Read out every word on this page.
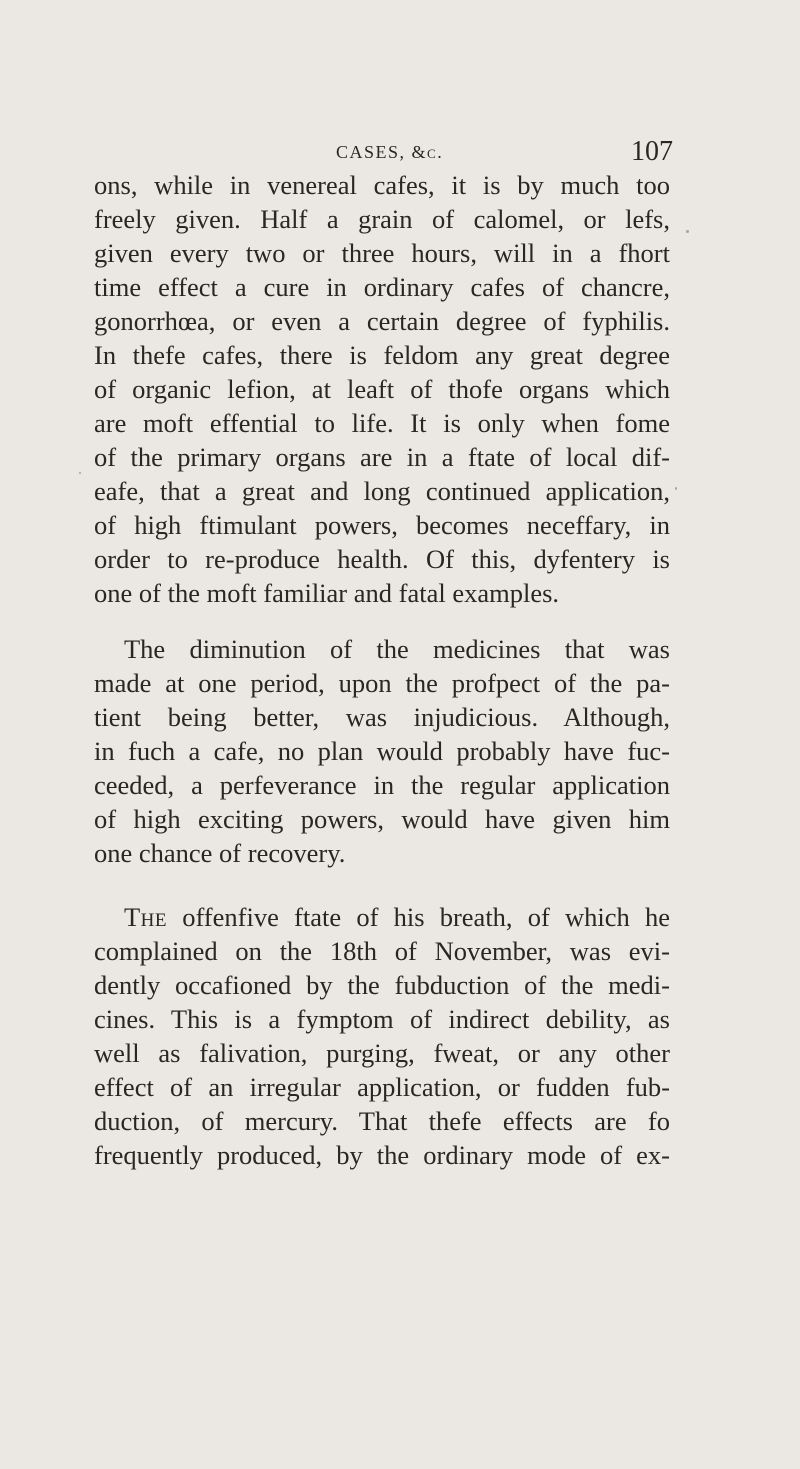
CASES, &c.	107
ons, while in venereal cafes, it is by much too
freely given. Half a grain of calomel, or lefs,
given every two or three hours, will in a fhort
time effect a cure in ordinary cafes of chancre,
gonorrhœa, or even a certain degree of fyphilis.
In thefe cafes, there is feldom any great degree
of organic lefion, at leaft of thofe organs which
are moft effential to life. It is only when fome
of the primary organs are in a ftate of local dif-
eafe, that a great and long continued application,
of high ftimulant powers, becomes neceffary, in
order to re-produce health. Of this, dyfentery is
one of the moft familiar and fatal examples.
The diminution of the medicines that was
made at one period, upon the profpect of the pa-
tient being better, was injudicious. Although,
in fuch a cafe, no plan would probably have fuc-
ceeded, a perfeverance in the regular application
of high exciting powers, would have given him
one chance of recovery.
The offenfive ftate of his breath, of which he
complained on the 18th of November, was evi-
dently occafioned by the fubduction of the medi-
cines. This is a fymptom of indirect debility, as
well as falivation, purging, fweat, or any other
effect of an irregular application, or fudden fub-
duction, of mercury. That thefe effects are fo
frequently produced, by the ordinary mode of ex-
